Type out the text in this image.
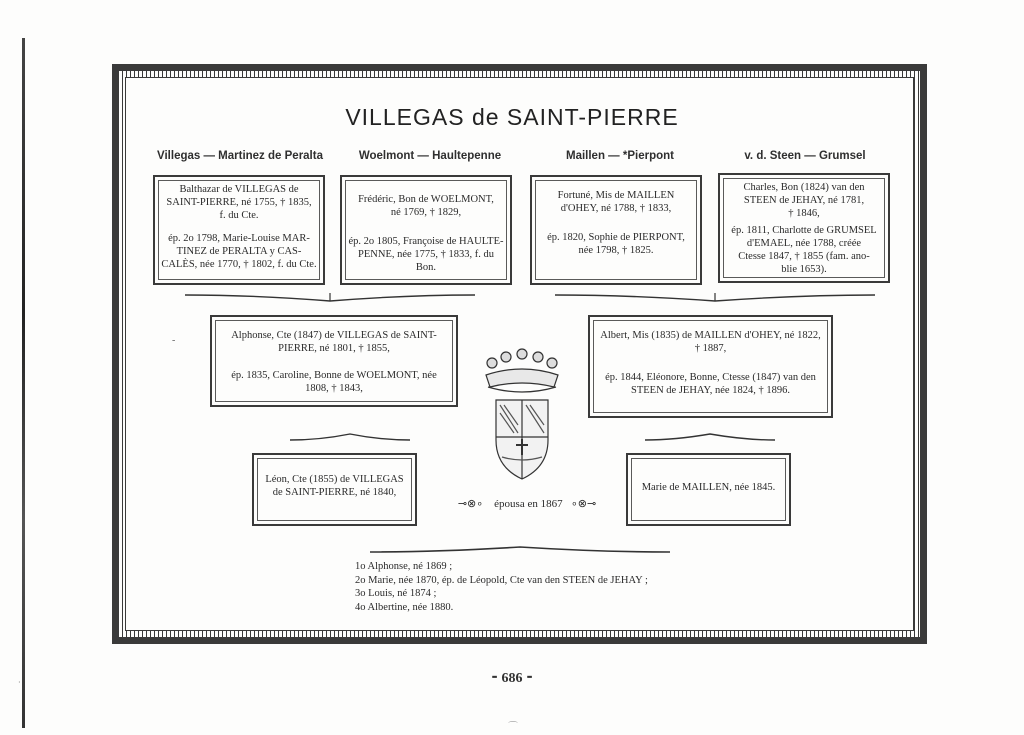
·
VILLEGAS de SAINT-PIERRE
Villegas — Martinez de Peralta	Woelmont — Haultepenne	Maillen — *Pierpont	v. d. Steen — Grumsel

Balthazar de VILLEGAS de

SAINT-PIERRE, né 1755, † 1835,

f. du Cte.

ép. 2o 1798, Marie-Louise MAR-

TINEZ de PERALTA y CAS-

CALÈS, née 1770, † 1802, f. du Cte.

Frédéric, Bon de WOELMONT,

né 1769, † 1829,

ép. 2o 1805, Françoise de HAULTE-

PENNE, née 1775, † 1833, f. du Bon.

Fortuné, Mis de MAILLEN

d'OHEY, né 1788, † 1833,

ép. 1820, Sophie de PIERPONT,

née 1798, † 1825.

Charles, Bon (1824) van den

STEEN de JEHAY, né 1781,

† 1846,

ép. 1811, Charlotte de GRUMSEL

d'EMAEL, née 1788, créée

Ctesse 1847, † 1855 (fam. ano-

blie 1653).

-	Alphonse, Cte (1847) de VILLEGAS de SAINT-

PIERRE, né 1801, † 1855,

ép. 1835, Caroline, Bonne de WOELMONT, née

1808, † 1843,

Albert, Mis (1835) de MAILLEN d'OHEY, né 1822,

† 1887,

ép. 1844, Eléonore, Bonne, Ctesse (1847) van den

STEEN de JEHAY, née 1824, † 1896.

Léon, Cte (1855) de VILLEGAS

de SAINT-PIERRE, né 1840,

⊸⊗∘ épousa en 1867 ∘⊗⊸

Marie de MAILLEN, née 1845.

1o Alphonse, né 1869 ;
2o Marie, née 1870, ép. de Léopold, Cte van den STEEN de JEHAY ;
3o Louis, né 1874 ;
4o Albertine, née 1880.
⁃ 686 ⁃
⌒
